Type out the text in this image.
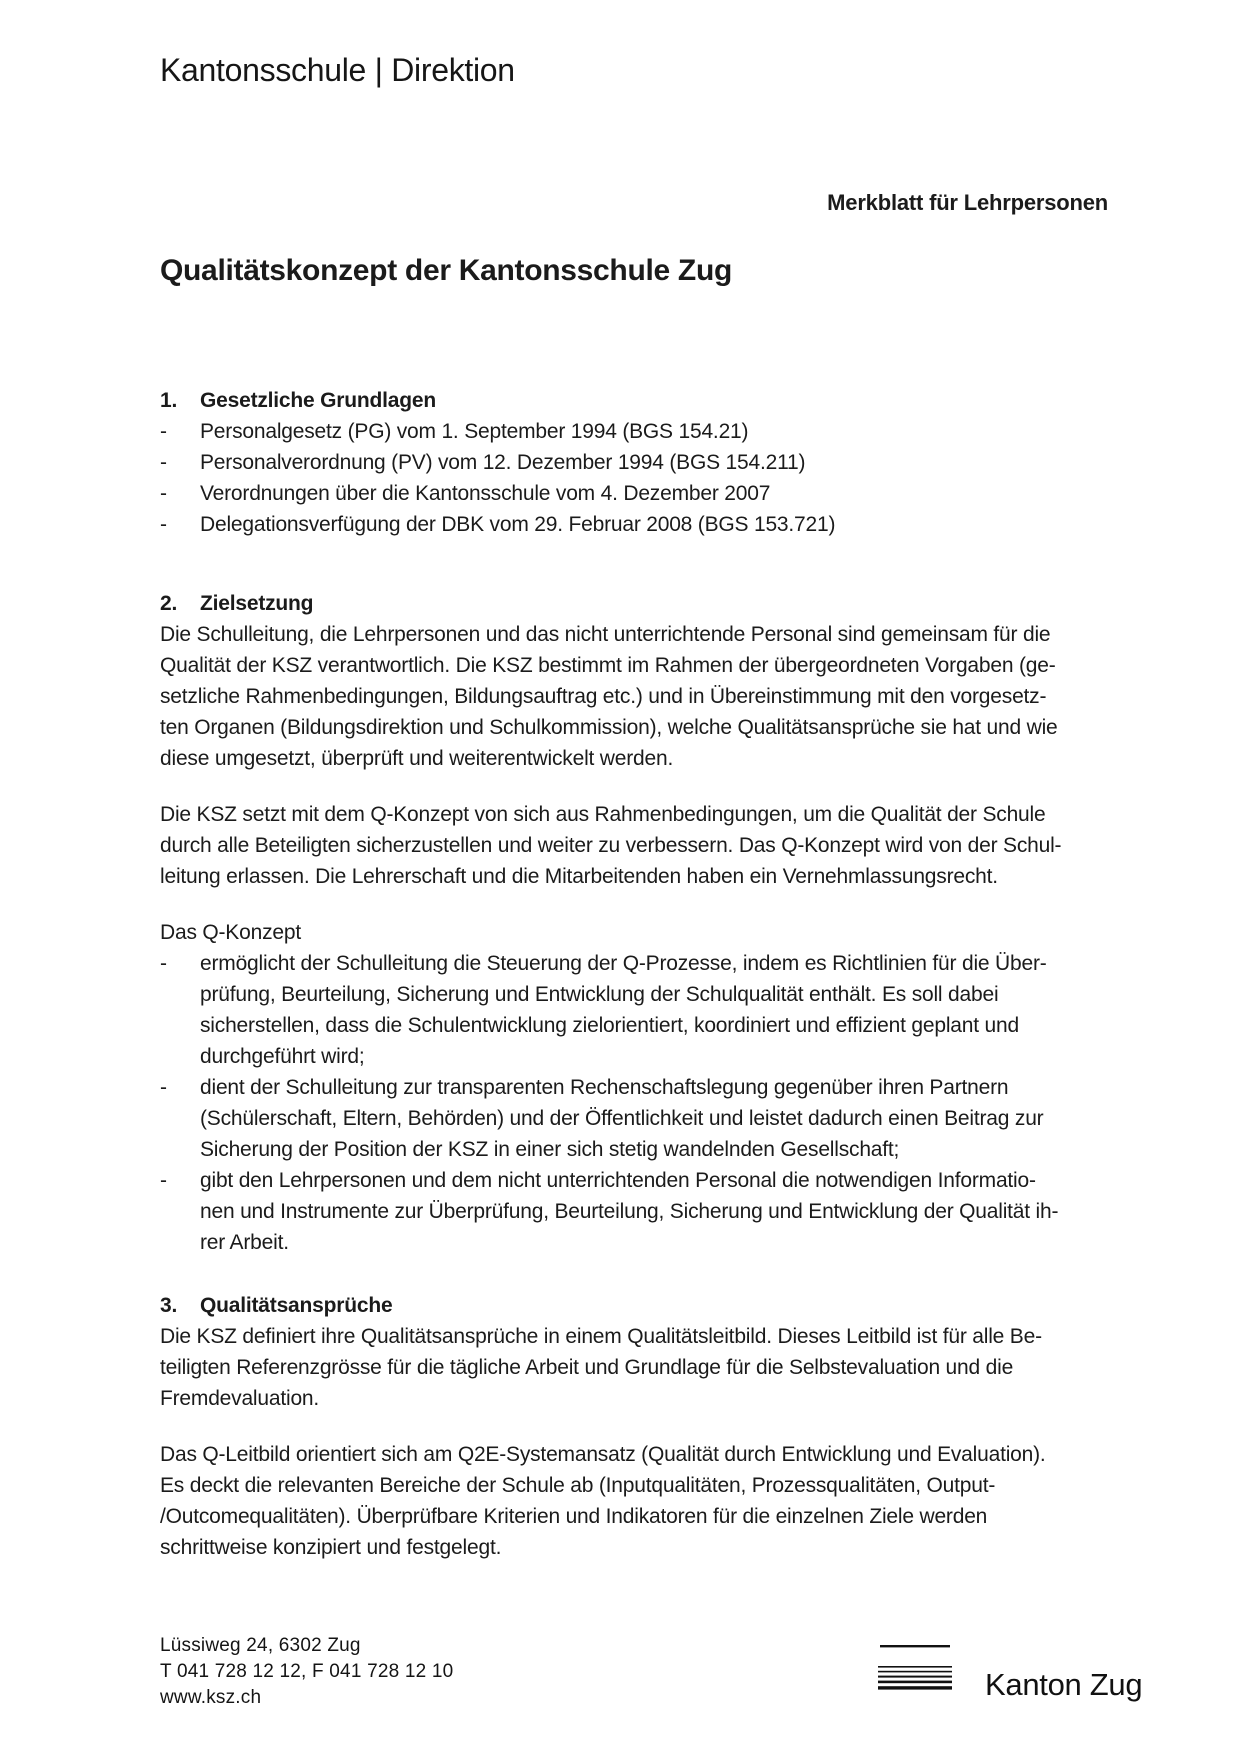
Kantonsschule | Direktion
Merkblatt für Lehrpersonen
Qualitätskonzept der Kantonsschule Zug
1.	Gesetzliche Grundlagen
-	Personalgesetz (PG) vom 1. September 1994 (BGS 154.21)
-	Personalverordnung (PV) vom 12. Dezember 1994 (BGS 154.211)
-	Verordnungen über die Kantonsschule vom 4. Dezember 2007
-	Delegationsverfügung der DBK vom 29. Februar 2008 (BGS 153.721)
2.	Zielsetzung

Die Schulleitung, die Lehrpersonen und das nicht unterrichtende Personal sind gemeinsam für die
Qualität der KSZ verantwortlich. Die KSZ bestimmt im Rahmen der übergeordneten Vorgaben (ge-
setzliche Rahmenbedingungen, Bildungsauftrag etc.) und in Übereinstimmung mit den vorgesetz-
ten Organen (Bildungsdirektion und Schulkommission), welche Qualitätsansprüche sie hat und wie
diese umgesetzt, überprüft und weiterentwickelt werden.

Die KSZ setzt mit dem Q-Konzept von sich aus Rahmenbedingungen, um die Qualität der Schule
durch alle Beteiligten sicherzustellen und weiter zu verbessern. Das Q-Konzept wird von der Schul-
leitung erlassen. Die Lehrerschaft und die Mitarbeitenden haben ein Vernehmlassungsrecht.

Das Q-Konzept

-	ermöglicht der Schulleitung die Steuerung der Q-Prozesse, indem es Richtlinien für die Über-
prüfung, Beurteilung, Sicherung und Entwicklung der Schulqualität enthält. Es soll dabei
sicherstellen, dass die Schulentwicklung zielorientiert, koordiniert und effizient geplant und
durchgeführt wird;
-	dient der Schulleitung zur transparenten Rechenschaftslegung gegenüber ihren Partnern
(Schülerschaft, Eltern, Behörden) und der Öffentlichkeit und leistet dadurch einen Beitrag zur
Sicherung der Position der KSZ in einer sich stetig wandelnden Gesellschaft;
-	gibt den Lehrpersonen und dem nicht unterrichtenden Personal die notwendigen Informatio-
nen und Instrumente zur Überprüfung, Beurteilung, Sicherung und Entwicklung der Qualität ih-
rer Arbeit.
3.	Qualitätsansprüche

Die KSZ definiert ihre Qualitätsansprüche in einem Qualitätsleitbild. Dieses Leitbild ist für alle Be-
teiligten Referenzgrösse für die tägliche Arbeit und Grundlage für die Selbstevaluation und die
Fremdevaluation.

Das Q-Leitbild orientiert sich am Q2E-Systemansatz (Qualität durch Entwicklung und Evaluation).
Es deckt die relevanten Bereiche der Schule ab (Inputqualitäten, Prozessqualitäten, Output-
/Outcomequalitäten). Überprüfbare Kriterien und Indikatoren für die einzelnen Ziele werden
schrittweise konzipiert und festgelegt.

Lüssiweg 24, 6302 Zug
T 041 728 12 12, F 041 728 12 10
www.ksz.ch	Kanton Zug
